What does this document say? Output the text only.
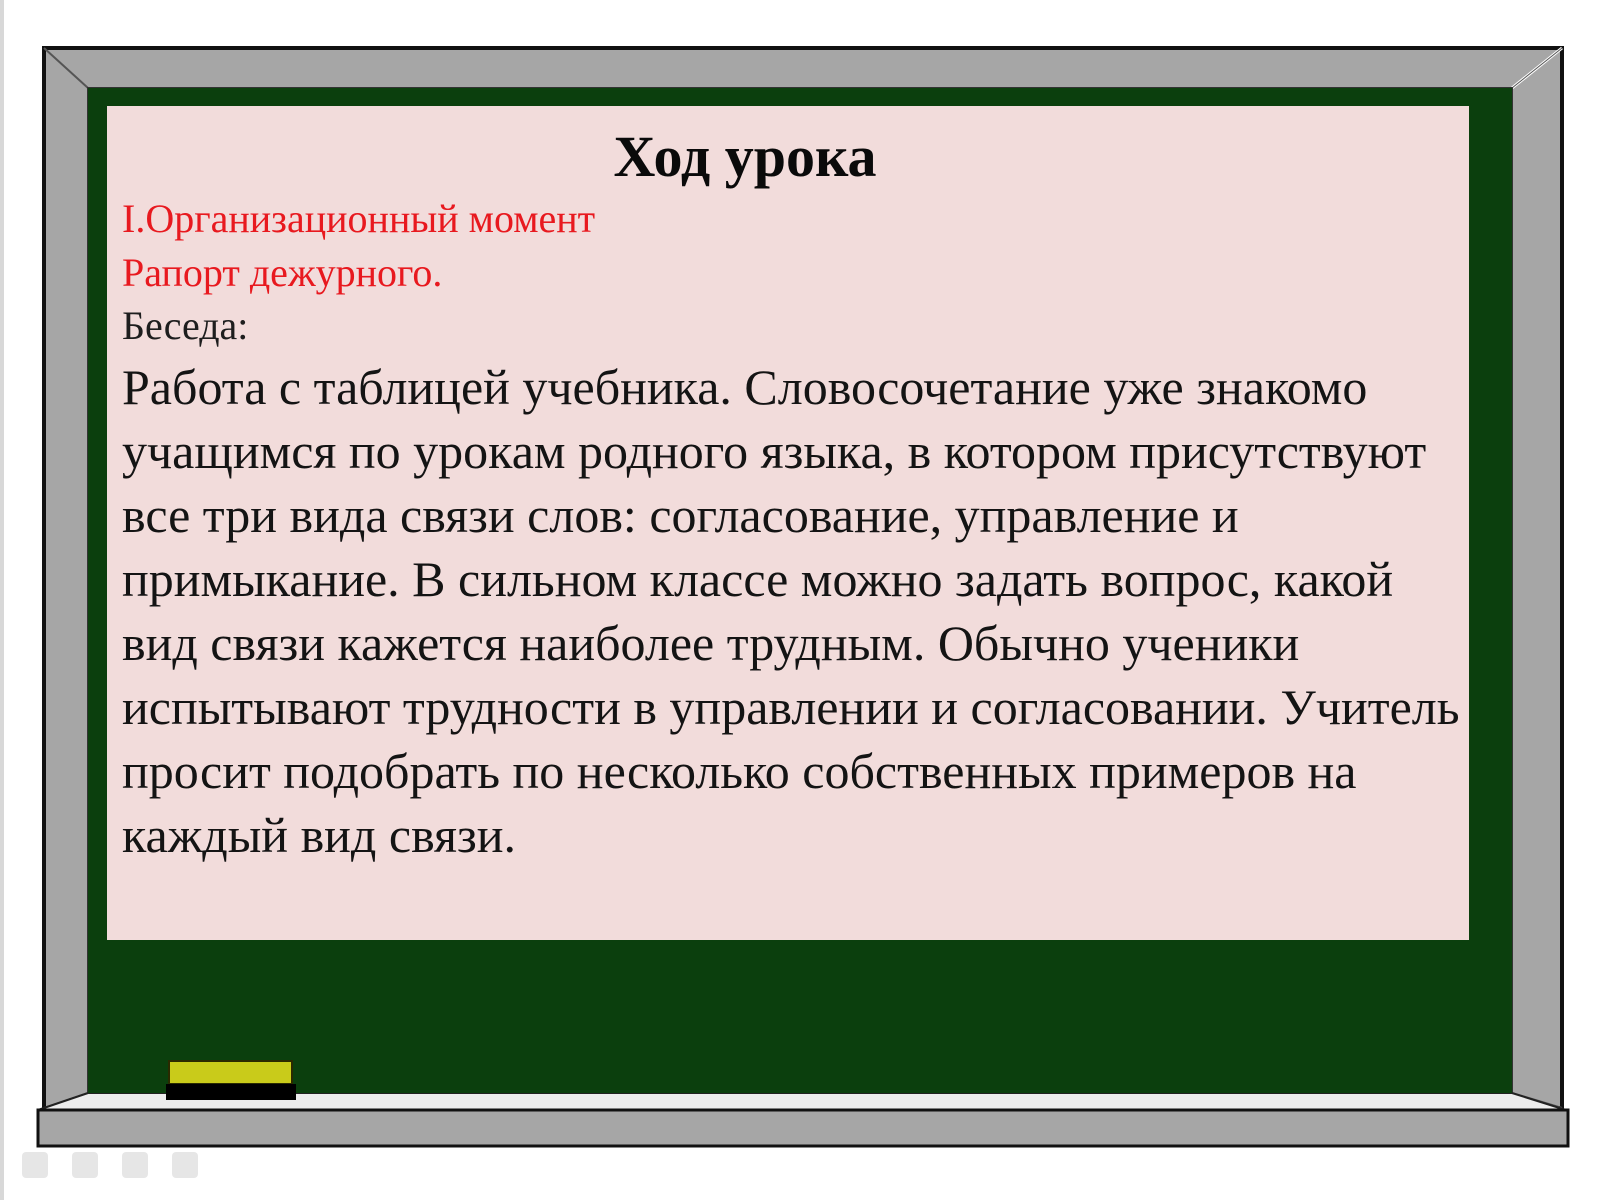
Ход урока
I.Организационный момент
Рапорт дежурного.
Беседа:
Работа с таблицей учебника. Словосочетание уже знакомо учащимся по урокам родного языка, в котором присутствуют все три вида связи слов: согласование, управление и примыкание. В сильном классе можно задать вопрос, какой вид связи кажется наиболее трудным. Обычно ученики испытывают трудности в управлении и согласовании. Учитель просит подобрать по несколько собственных примеров на каждый вид связи.
